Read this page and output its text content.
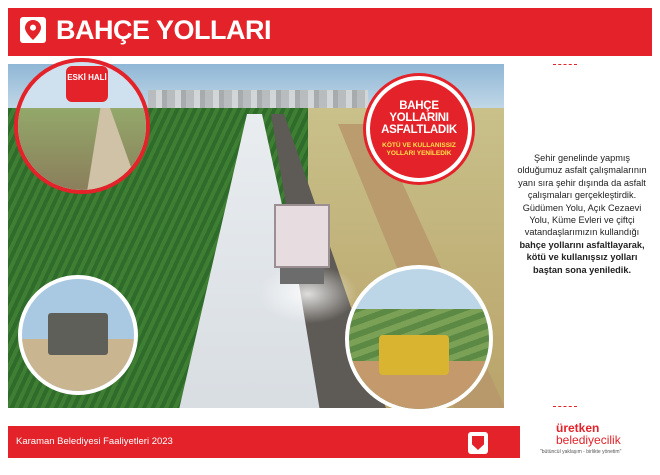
BAHÇE YOLLARI
ESKİ HALİ
BAHÇE YOLLARINI ASFALTLADIK
KÖTÜ VE KULLANISSIZ YOLLARI YENİLEDİK	Şehir genelinde yapmış olduğumuz asfalt çalışmalarının yanı sıra şehir dışında da asfalt çalışmaları gerçekleştirdik. Güdümen Yolu, Açık Cezaevi Yolu, Küme Evleri ve çiftçi vatandaşlarımızın kullandığı bahçe yollarını asfaltlayarak, kötü ve kullanışsız yolları baştan sona yeniledik.
Karaman Belediyesi Faaliyetleri 2023
üretken
belediyecilik
"bütüncül yaklaşım - birlikte yönetim"
